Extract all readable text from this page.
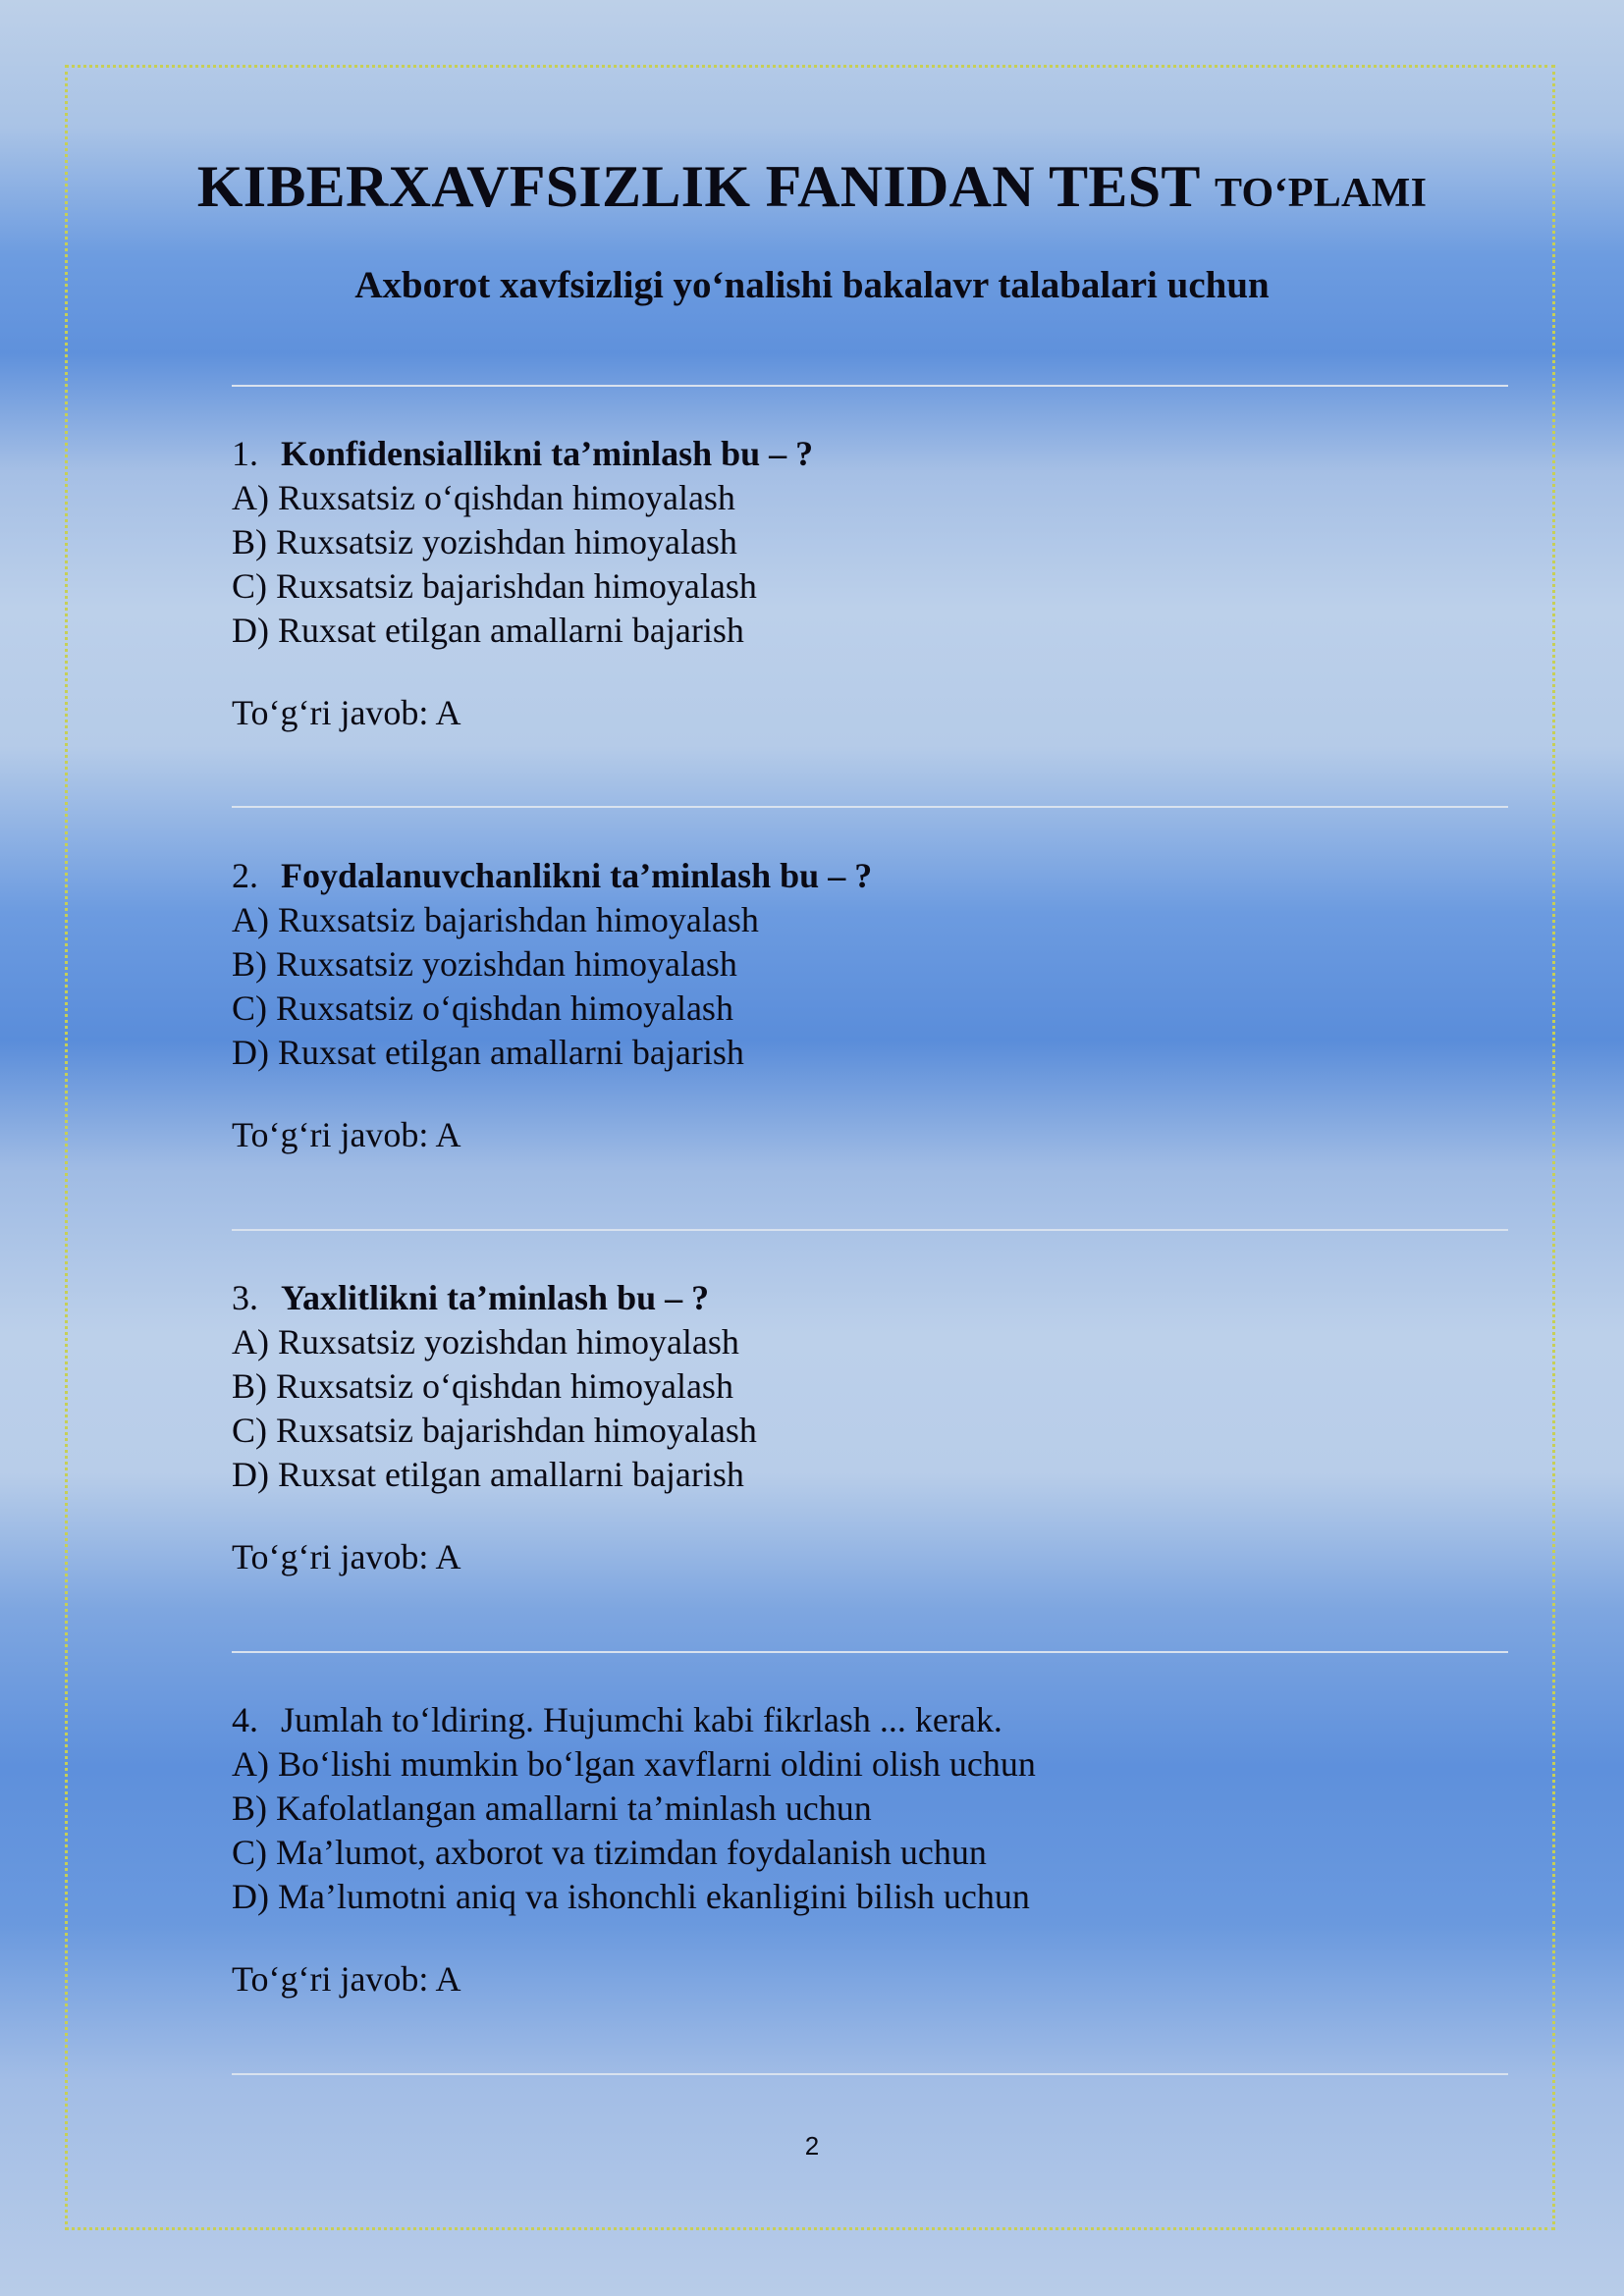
KIBERXAVFSIZLIK FANIDAN TEST TO‘PLAMI
Axborot xavfsizligi yo‘nalishi bakalavr talabalari uchun
1. Konfidensiallikni ta’minlash bu – ?
A) Ruxsatsiz o‘qishdan himoyalash
B) Ruxsatsiz yozishdan himoyalash
C) Ruxsatsiz bajarishdan himoyalash
D) Ruxsat etilgan amallarni bajarish
To‘g‘ri javob: A
2. Foydalanuvchanlikni ta’minlash bu – ?
A) Ruxsatsiz bajarishdan himoyalash
B) Ruxsatsiz yozishdan himoyalash
C) Ruxsatsiz o‘qishdan himoyalash
D) Ruxsat etilgan amallarni bajarish
To‘g‘ri javob: A
3. Yaxlitlikni ta’minlash bu – ?
A) Ruxsatsiz yozishdan himoyalash
B) Ruxsatsiz o‘qishdan himoyalash
C) Ruxsatsiz bajarishdan himoyalash
D) Ruxsat etilgan amallarni bajarish
To‘g‘ri javob: A
4. Jumlah to‘ldiring. Hujumchi kabi fikrlash ... kerak.
A) Bo‘lishi mumkin bo‘lgan xavflarni oldini olish uchun
B) Kafolatlangan amallarni ta’minlash uchun
C) Ma’lumot, axborot va tizimdan foydalanish uchun
D) Ma’lumotni aniq va ishonchli ekanligini bilish uchun
To‘g‘ri javob: A
2
